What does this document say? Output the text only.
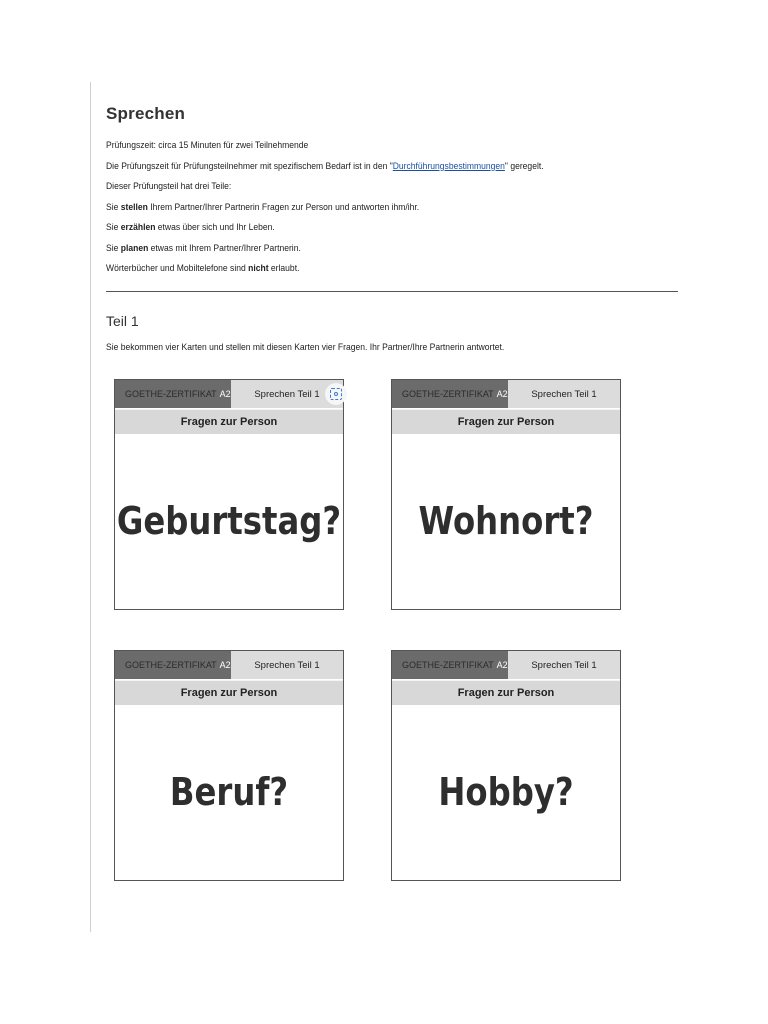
Sprechen

Prüfungszeit: circa 15 Minuten für zwei Teilnehmende

Die Prüfungszeit für Prüfungsteilnehmer mit spezifischem Bedarf ist in den "Durchführungsbestimmungen" geregelt.

Dieser Prüfungsteil hat drei Teile:

Sie stellen Ihrem Partner/Ihrer Partnerin Fragen zur Person und antworten ihm/ihr.

Sie erzählen etwas über sich und Ihr Leben.

Sie planen etwas mit Ihrem Partner/Ihrer Partnerin.

Wörterbücher und Mobiltelefone sind nicht erlaubt.

Teil 1

Sie bekommen vier Karten und stellen mit diesen Karten vier Fragen. Ihr Partner/Ihre Partnerin antwortet.

GOETHE-ZERTIFIKAT A2 Sprechen Teil 1
Fragen zur Person
Geburtstag?
GOETHE-ZERTIFIKAT A2	Sprechen Teil 1
Fragen zur Person
Wohnort?
GOETHE-ZERTIFIKAT A2	Sprechen Teil 1
Fragen zur Person
Beruf?
GOETHE-ZERTIFIKAT A2	Sprechen Teil 1
Fragen zur Person
Hobby?
